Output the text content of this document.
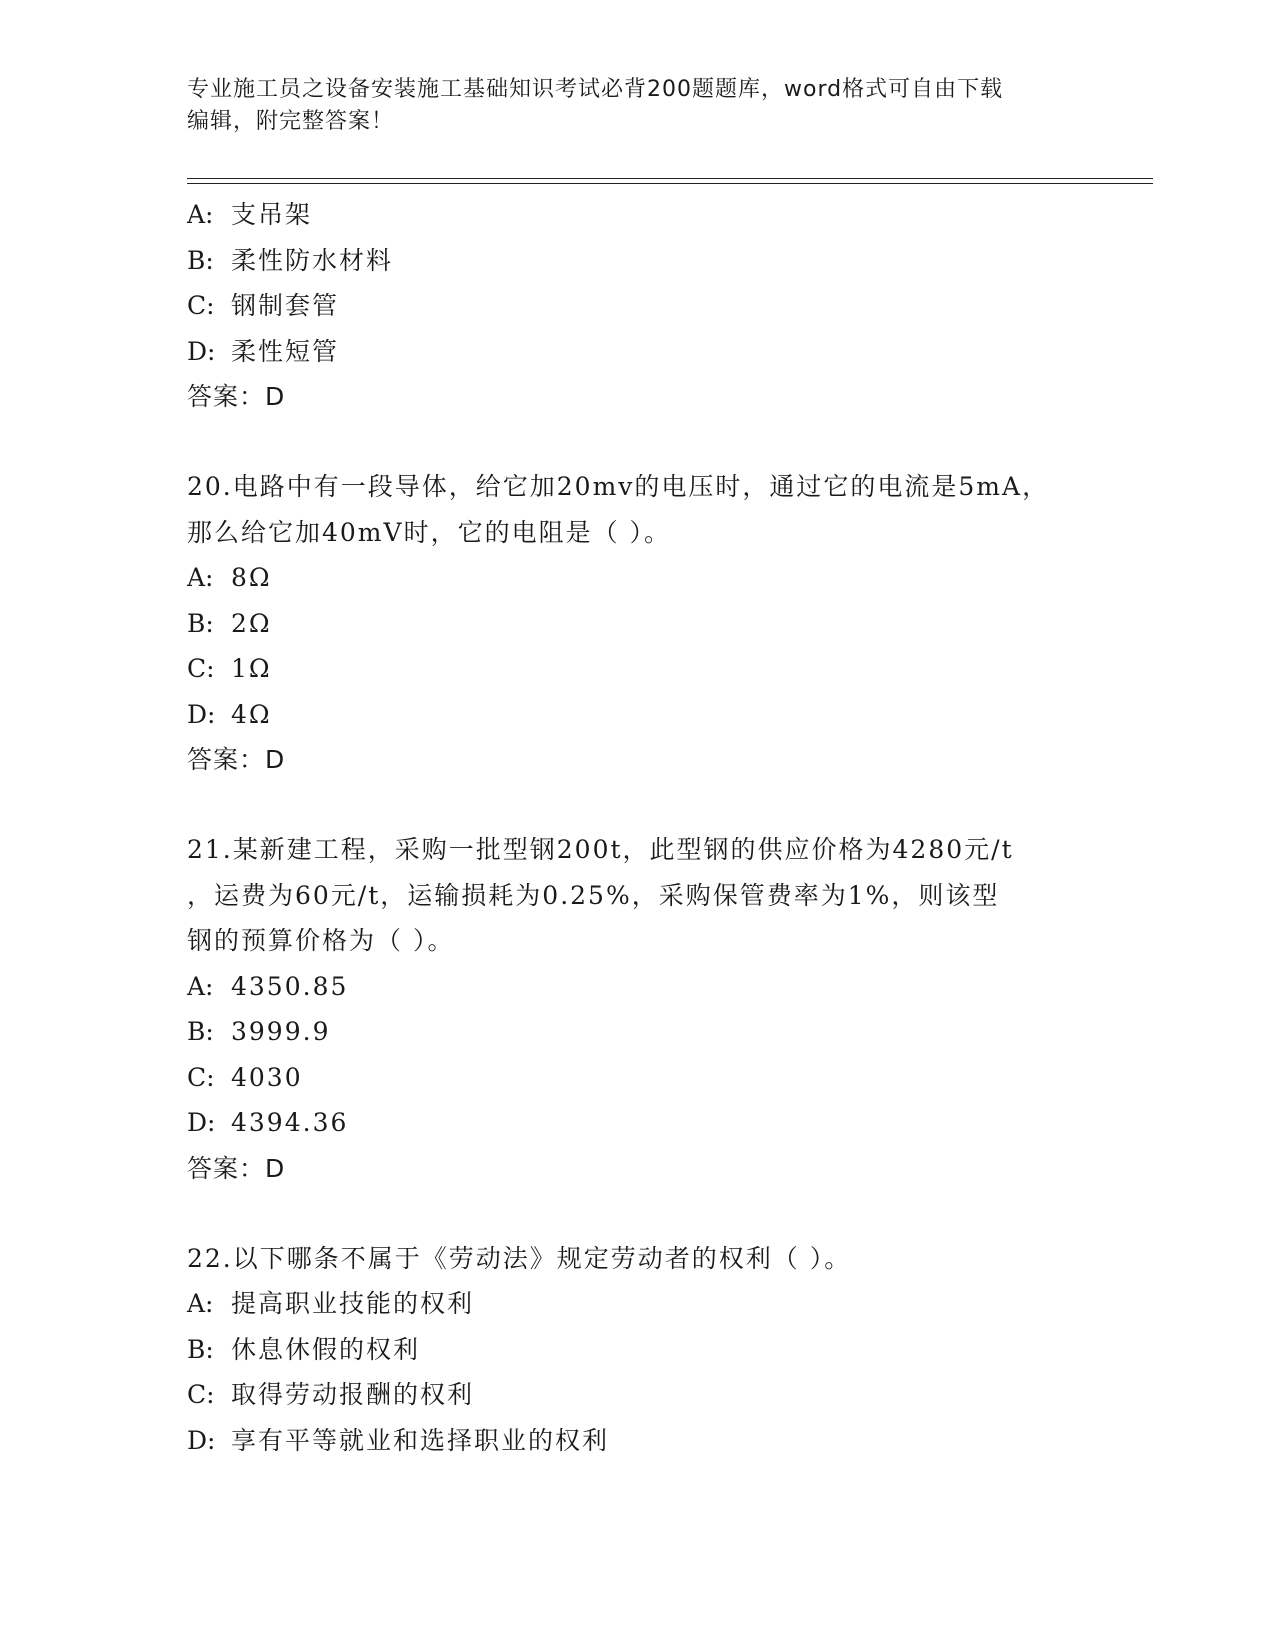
专业施工员之设备安装施工基础知识考试必背200题题库，word格式可自由下载
编辑，附完整答案！
A: 支吊架
B: 柔性防水材料
C: 钢制套管
D: 柔性短管
答案：D
20.电路中有一段导体，给它加20mv的电压时，通过它的电流是5mA，
那么给它加40mV时，它的电阻是（ ）。
A: 8Ω
B: 2Ω
C: 1Ω
D: 4Ω
答案：D
21.某新建工程，采购一批型钢200t，此型钢的供应价格为4280元/t
，运费为60元/t，运输损耗为0.25%，采购保管费率为1%，则该型
钢的预算价格为（ ）。
A: 4350.85
B: 3999.9
C: 4030
D: 4394.36
答案：D
22.以下哪条不属于《劳动法》规定劳动者的权利（ ）。
A: 提高职业技能的权利
B: 休息休假的权利
C: 取得劳动报酬的权利
D: 享有平等就业和选择职业的权利
